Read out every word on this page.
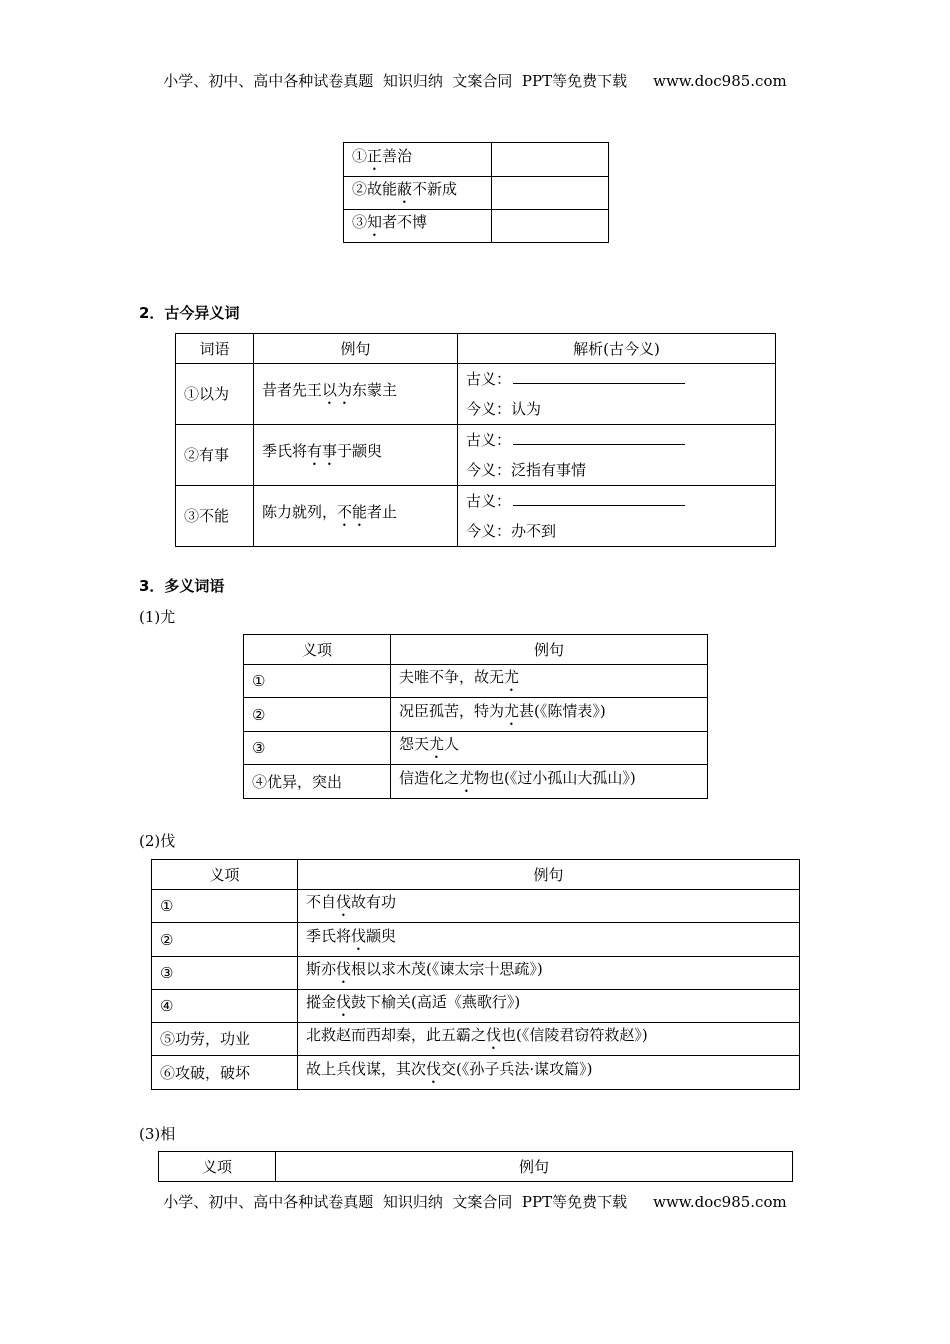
小学、初中、高中各种试卷真题  知识归纳  文案合同  PPT等免费下载 www.doc985.com
①正善治	
②故能蔽不新成	
③知者不博	
2．古今异义词
词语	例句	解析(古今义)
①以为	昔者先王以为东蒙主	古义：
今义：认为

②有事	季氏将有事于颛臾	古义：
今义：泛指有事情

③不能	陈力就列，不能者止	古义：
今义：办不到
3．多义词语
(1)尤
义项	例句
①	夫唯不争，故无尤
②	况臣孤苦，特为尤甚(《陈情表》)
③	怨天尤人
④优异，突出	信造化之尤物也(《过小孤山大孤山》)
(2)伐
义项	例句
①	不自伐故有功
②	季氏将伐颛臾
③	斯亦伐根以求木茂(《谏太宗十思疏》)
④	摐金伐鼓下榆关(高适《燕歌行》)
⑤功劳，功业	北救赵而西却秦，此五霸之伐也(《信陵君窃符救赵》)
⑥攻破，破坏	故上兵伐谋，其次伐交(《孙子兵法·谋攻篇》)
(3)相
义项	例句
小学、初中、高中各种试卷真题  知识归纳  文案合同  PPT等免费下载 www.doc985.com
